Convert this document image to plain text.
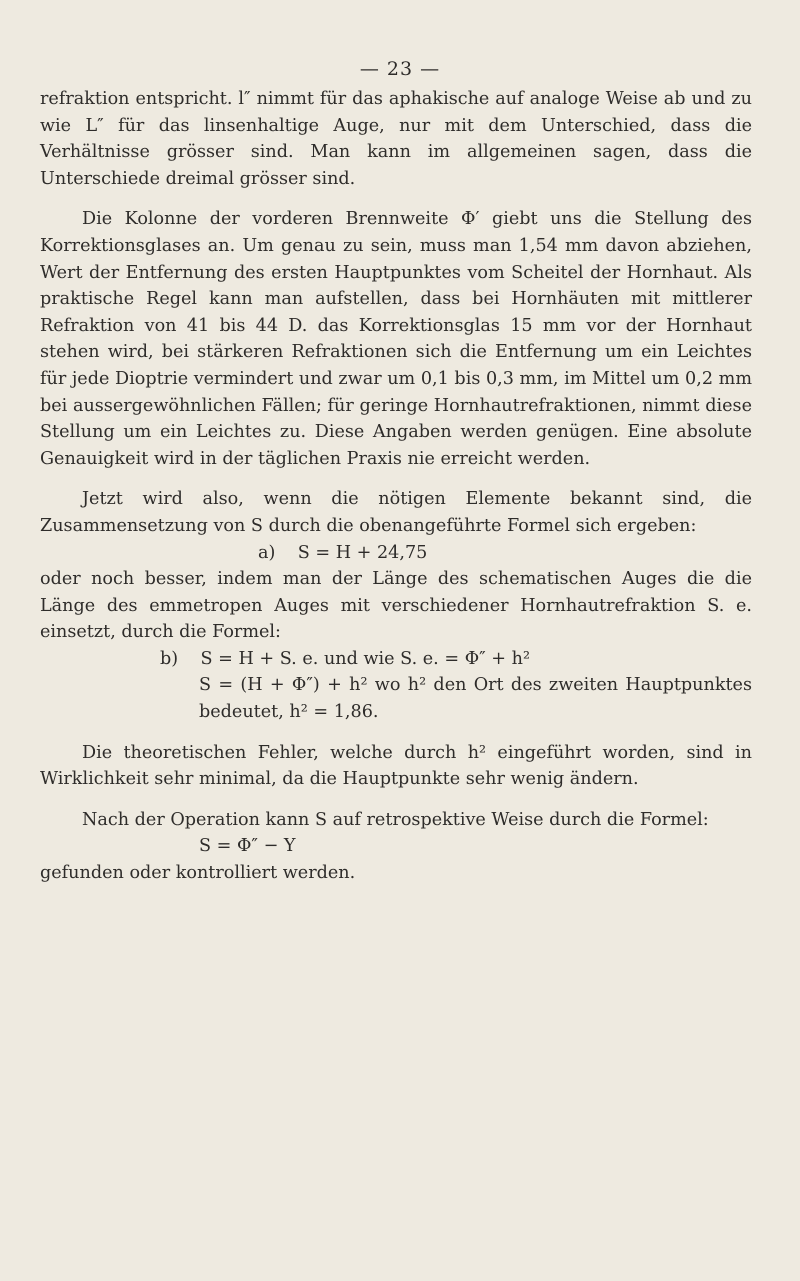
— 23 —

refraktion entspricht. l″ nimmt für das aphakische auf analoge Weise ab und zu wie L″ für das linsenhaltige Auge, nur mit dem Unterschied, dass die Verhältnisse grösser sind. Man kann im allgemeinen sagen, dass die Unterschiede dreimal grösser sind.

Die Kolonne der vorderen Brennweite Φ′ giebt uns die Stellung des Korrektionsglases an. Um genau zu sein, muss man 1,54 mm davon abziehen, Wert der Entfernung des ersten Hauptpunktes vom Scheitel der Hornhaut. Als praktische Regel kann man aufstellen, dass bei Hornhäuten mit mittlerer Refraktion von 41 bis 44 D. das Korrektionsglas 15 mm vor der Hornhaut stehen wird, bei stärkeren Refraktionen sich die Entfernung um ein Leichtes für jede Dioptrie vermindert und zwar um 0,1 bis 0,3 mm, im Mittel um 0,2 mm bei aussergewöhnlichen Fällen; für geringe Hornhautrefraktionen, nimmt diese Stellung um ein Leichtes zu. Diese Angaben werden genügen. Eine absolute Genauigkeit wird in der täglichen Praxis nie erreicht werden.

Jetzt wird also, wenn die nötigen Elemente bekannt sind, die Zusammensetzung von S durch die obenangeführte Formel sich ergeben:

a)    S = H + 24,75

oder noch besser, indem man der Länge des schematischen Auges die die Länge des emmetropen Auges mit verschiedener Hornhautrefraktion S. e. einsetzt, durch die Formel:

b)    S = H + S. e. und wie S. e. = Φ″ + h²

S = (H + Φ″) + h² wo h² den Ort des zweiten Hauptpunktes bedeutet, h² = 1,86.

Die theoretischen Fehler, welche durch h² eingeführt worden, sind in Wirklichkeit sehr minimal, da die Hauptpunkte sehr wenig ändern.

Nach der Operation kann S auf retrospektive Weise durch die Formel:

S = Φ″ − Y

gefunden oder kontrolliert werden.
